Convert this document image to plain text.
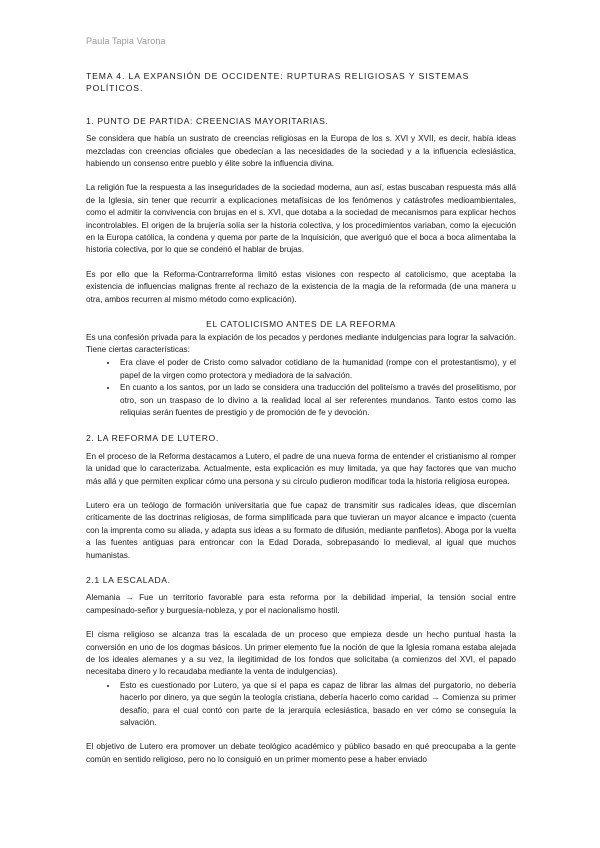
Paula Tapia Varona
TEMA 4. LA EXPANSIÓN DE OCCIDENTE: RUPTURAS RELIGIOSAS Y SISTEMAS POLÍTICOS.
1. PUNTO DE PARTIDA: CREENCIAS MAYORITARIAS.

Se considera que había un sustrato de creencias religiosas en la Europa de los s. XVI y XVII, es decir, había ideas mezcladas con creencias oficiales que obedecían a las necesidades de la sociedad y a la influencia eclesiástica, habiendo un consenso entre pueblo y élite sobre la influencia divina.

La religión fue la respuesta a las inseguridades de la sociedad moderna, aun así, estas buscaban respuesta más allá de la Iglesia, sin tener que recurrir a explicaciones metafísicas de los fenómenos y catástrofes medioambientales, como el admitir la convivencia con brujas en el s. XVI, que dotaba a la sociedad de mecanismos para explicar hechos incontrolables. El origen de la brujería solía ser la historia colectiva, y los procedimientos variaban, como la ejecución en la Europa católica, la condena y quema por parte de la Inquisición, que averiguó que el boca a boca alimentaba la historia colectiva, por lo que se condenó el hablar de brujas.

Es por ello que la Reforma-Contrarreforma limitó estas visiones con respecto al catolicismo, que aceptaba la existencia de influencias malignas frente al rechazo de la existencia de la magia de la reformada (de una manera u otra, ambos recurren al mismo método como explicación).

EL CATOLICISMO ANTES DE LA REFORMA

Es una confesión privada para la expiación de los pecados y perdones mediante indulgencias para lograr la salvación. Tiene ciertas características:

• Era clave el poder de Cristo como salvador cotidiano de la humanidad (rompe con el protestantismo), y el papel de la virgen como protectora y mediadora de la salvación.
• En cuanto a los santos, por un lado se considera una traducción del politeísmo a través del proselitismo, por otro, son un traspaso de lo divino a la realidad local al ser referentes mundanos. Tanto estos como las reliquias serán fuentes de prestigio y de promoción de fe y devoción.
2. LA REFORMA DE LUTERO.

En el proceso de la Reforma destacamos a Lutero, el padre de una nueva forma de entender el cristianismo al romper la unidad que lo caracterizaba. Actualmente, esta explicación es muy limitada, ya que hay factores que van mucho más allá y que permiten explicar cómo una persona y su círculo pudieron modificar toda la historia religiosa europea.

Lutero era un teólogo de formación universitaria que fue capaz de transmitir sus radicales ideas, que discernían críticamente de las doctrinas religiosas, de forma simplificada para que tuvieran un mayor alcance e impacto (cuenta con la imprenta como su aliada, y adapta sus ideas a su formato de difusión, mediante panfletos). Aboga por la vuelta a las fuentes antiguas para entroncar con la Edad Dorada, sobrepasando lo medieval, al igual que muchos humanistas.

2.1 LA ESCALADA.

Alemania → Fue un territorio favorable para esta reforma por la debilidad imperial, la tensión social entre campesinado-señor y burguesía-nobleza, y por el nacionalismo hostil.

El cisma religioso se alcanza tras la escalada de un proceso que empieza desde un hecho puntual hasta la conversión en uno de los dogmas básicos. Un primer elemento fue la noción de que la Iglesia romana estaba alejada de los ideales alemanes y a su vez, la ilegitimidad de los fondos que solicitaba (a comienzos del XVI, el papado necesitaba dinero y lo recaudaba mediante la venta de indulgencias).

• Esto es cuestionado por Lutero, ya que si el papa es capaz de librar las almas del purgatorio, no debería hacerlo por dinero, ya que según la teología cristiana, debería hacerlo como caridad → Comienza su primer desafío, para el cual contó con parte de la jerarquía eclesiástica, basado en ver cómo se conseguía la salvación.

El objetivo de Lutero era promover un debate teológico académico y público basado en qué preocupaba a la gente común en sentido religioso, pero no lo consiguió en un primer momento pese a haber enviado
